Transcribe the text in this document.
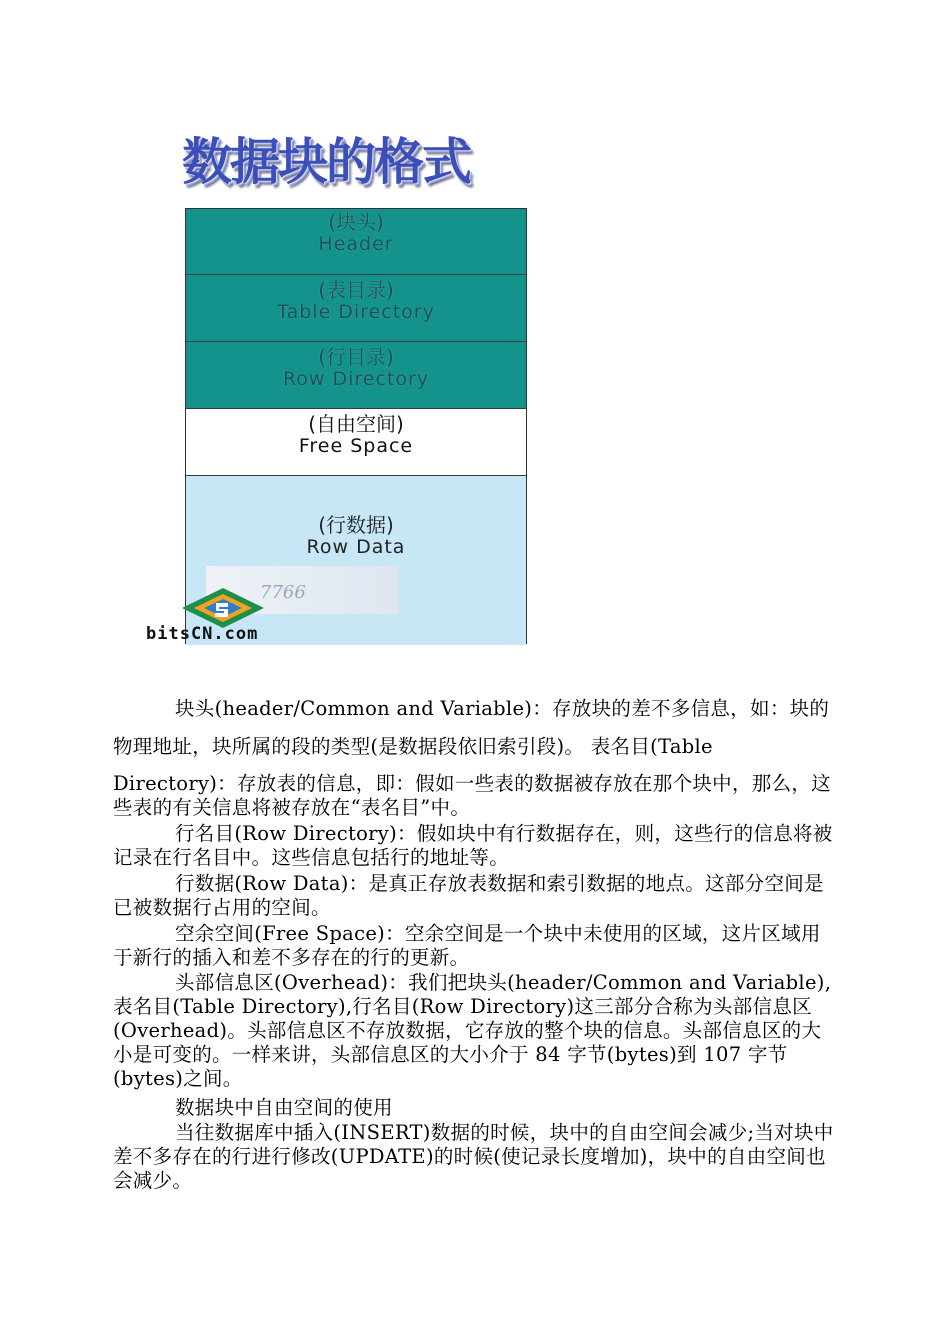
数据块的格式
(块头)
Header
(表目录)
Table Directory
(行目录)
Row Directory
(自由空间)
Free Space
(行数据)
Row Data
7766
bitsCN.com

块头(header/Common and Variable)：存放块的差不多信息，如：块的

物理地址，块所属的段的类型(是数据段依旧索引段)。 表名目(Table

Directory)：存放表的信息，即：假如一些表的数据被存放在那个块中，那么，这些表的有关信息将被存放在“表名目”中。

行名目(Row Directory)：假如块中有行数据存在，则，这些行的信息将被记录在行名目中。这些信息包括行的地址等。

行数据(Row Data)：是真正存放表数据和索引数据的地点。这部分空间是已被数据行占用的空间。

空余空间(Free Space)：空余空间是一个块中未使用的区域，这片区域用于新行的插入和差不多存在的行的更新。

头部信息区(Overhead)：我们把块头(header/Common and Variable),表名目(Table Directory),行名目(Row Directory)这三部分合称为头部信息区(Overhead)。头部信息区不存放数据，它存放的整个块的信息。头部信息区的大小是可变的。一样来讲，头部信息区的大小介于 84 字节(bytes)到 107 字节(bytes)之间。

数据块中自由空间的使用

当往数据库中插入(INSERT)数据的时候，块中的自由空间会减少;当对块中差不多存在的行进行修改(UPDATE)的时候(使记录长度增加)，块中的自由空间也会减少。
